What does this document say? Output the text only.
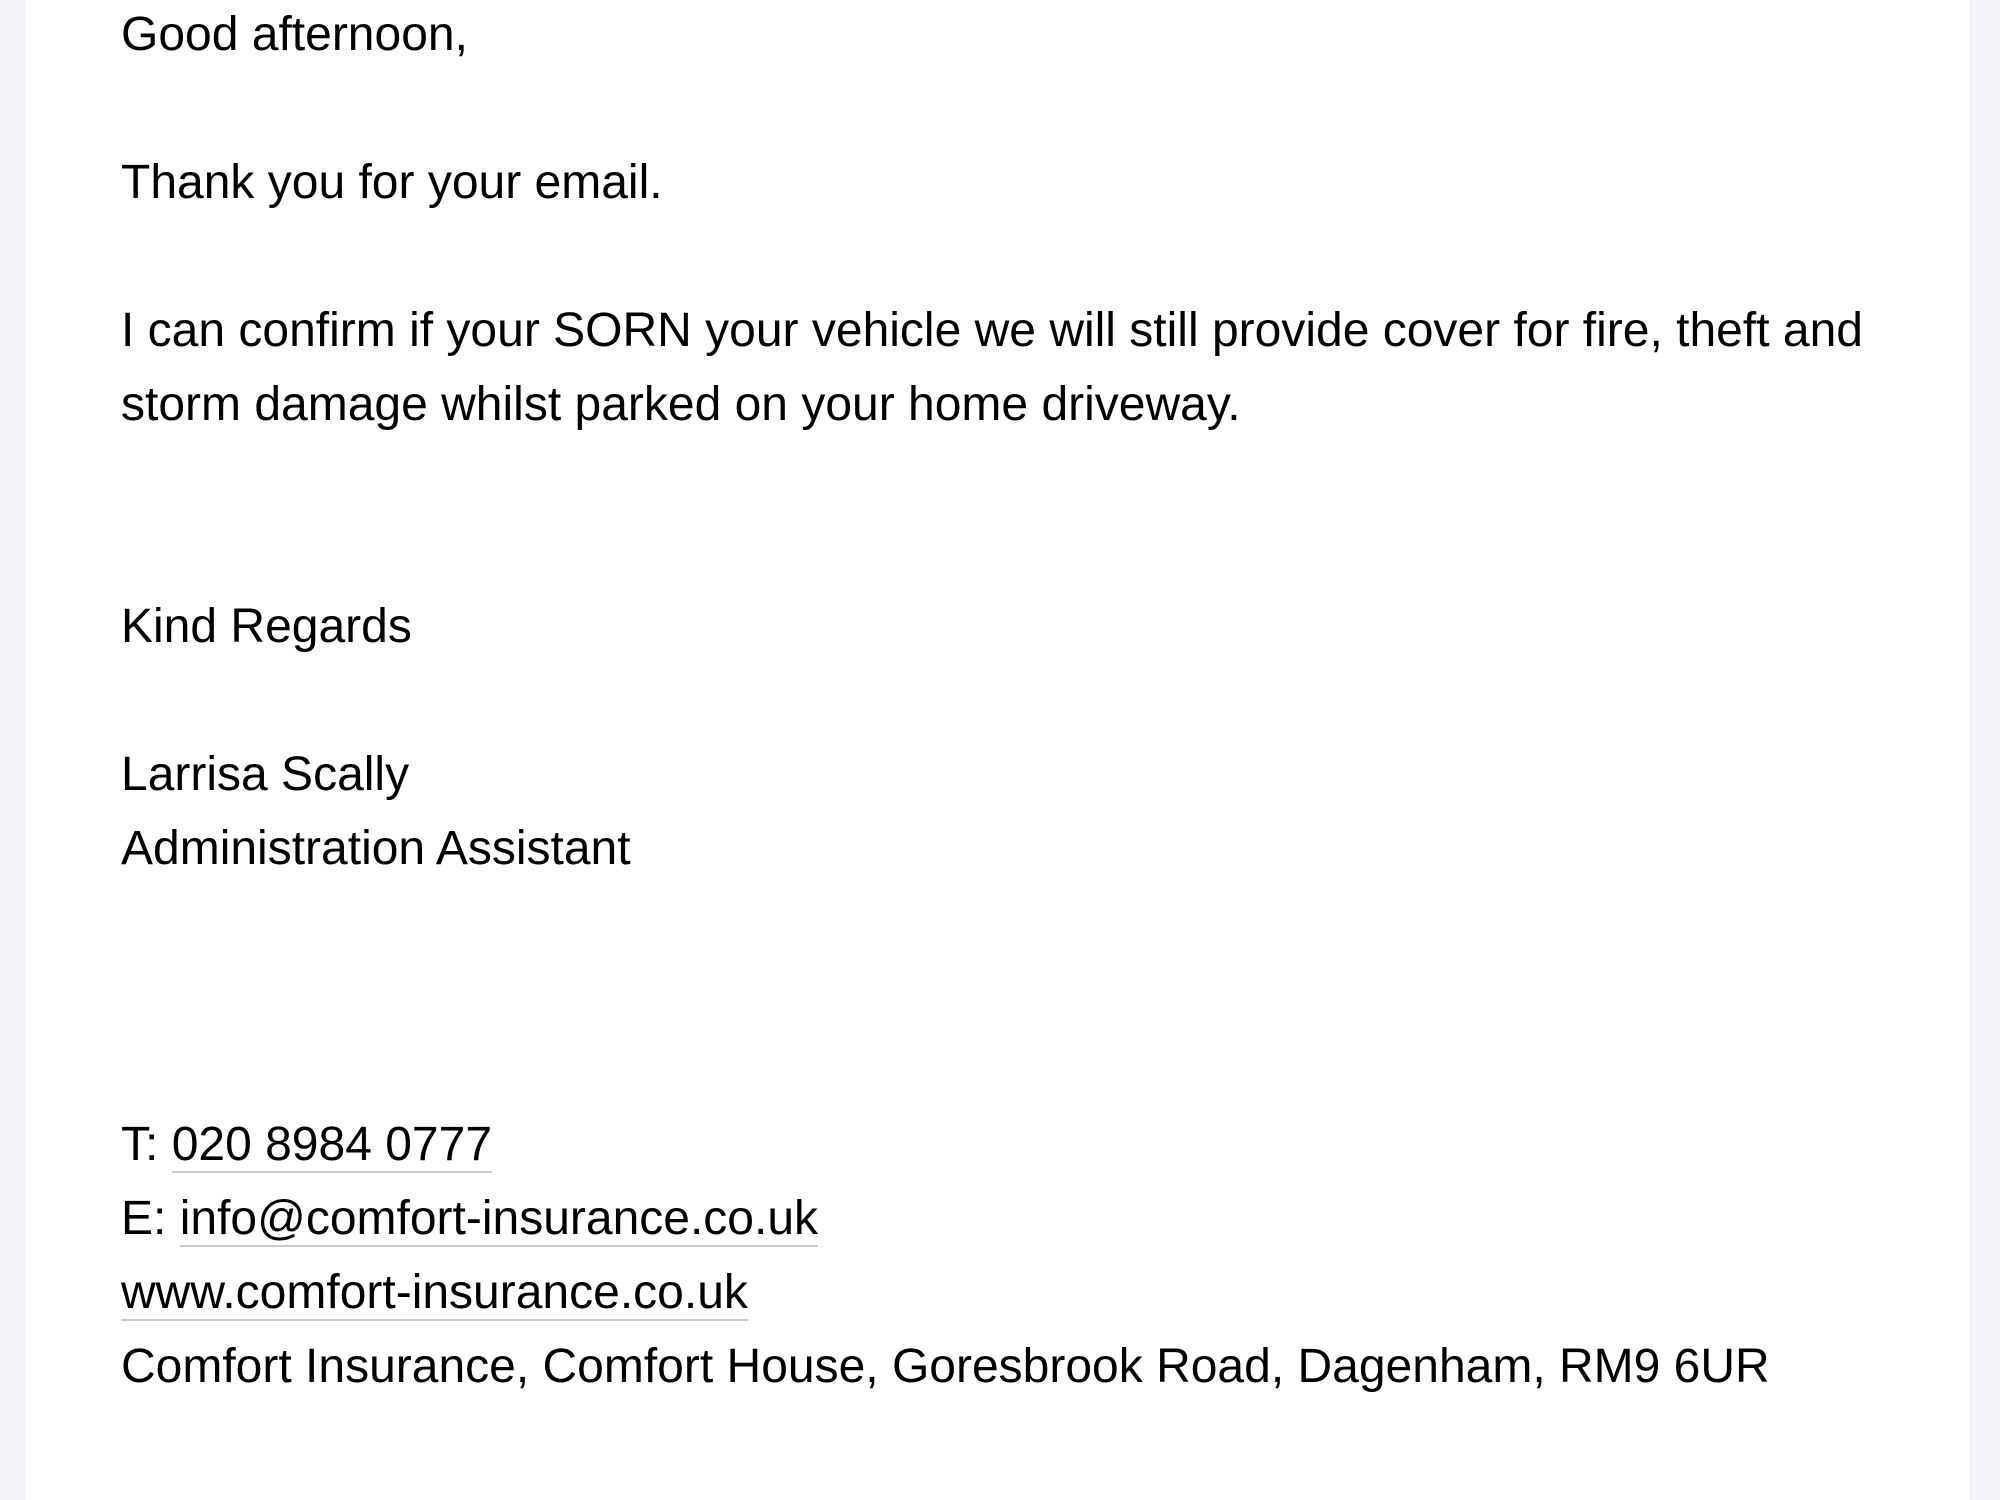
Good afternoon,
Thank you for your email.
I can confirm if your SORN your vehicle we will still provide cover for fire, theft and storm damage whilst parked on your home driveway.
Kind Regards
Larrisa Scally
Administration Assistant
T: 020 8984 0777
E: info@comfort-insurance.co.uk
www.comfort-insurance.co.uk
Comfort Insurance, Comfort House, Goresbrook Road, Dagenham, RM9 6UR
